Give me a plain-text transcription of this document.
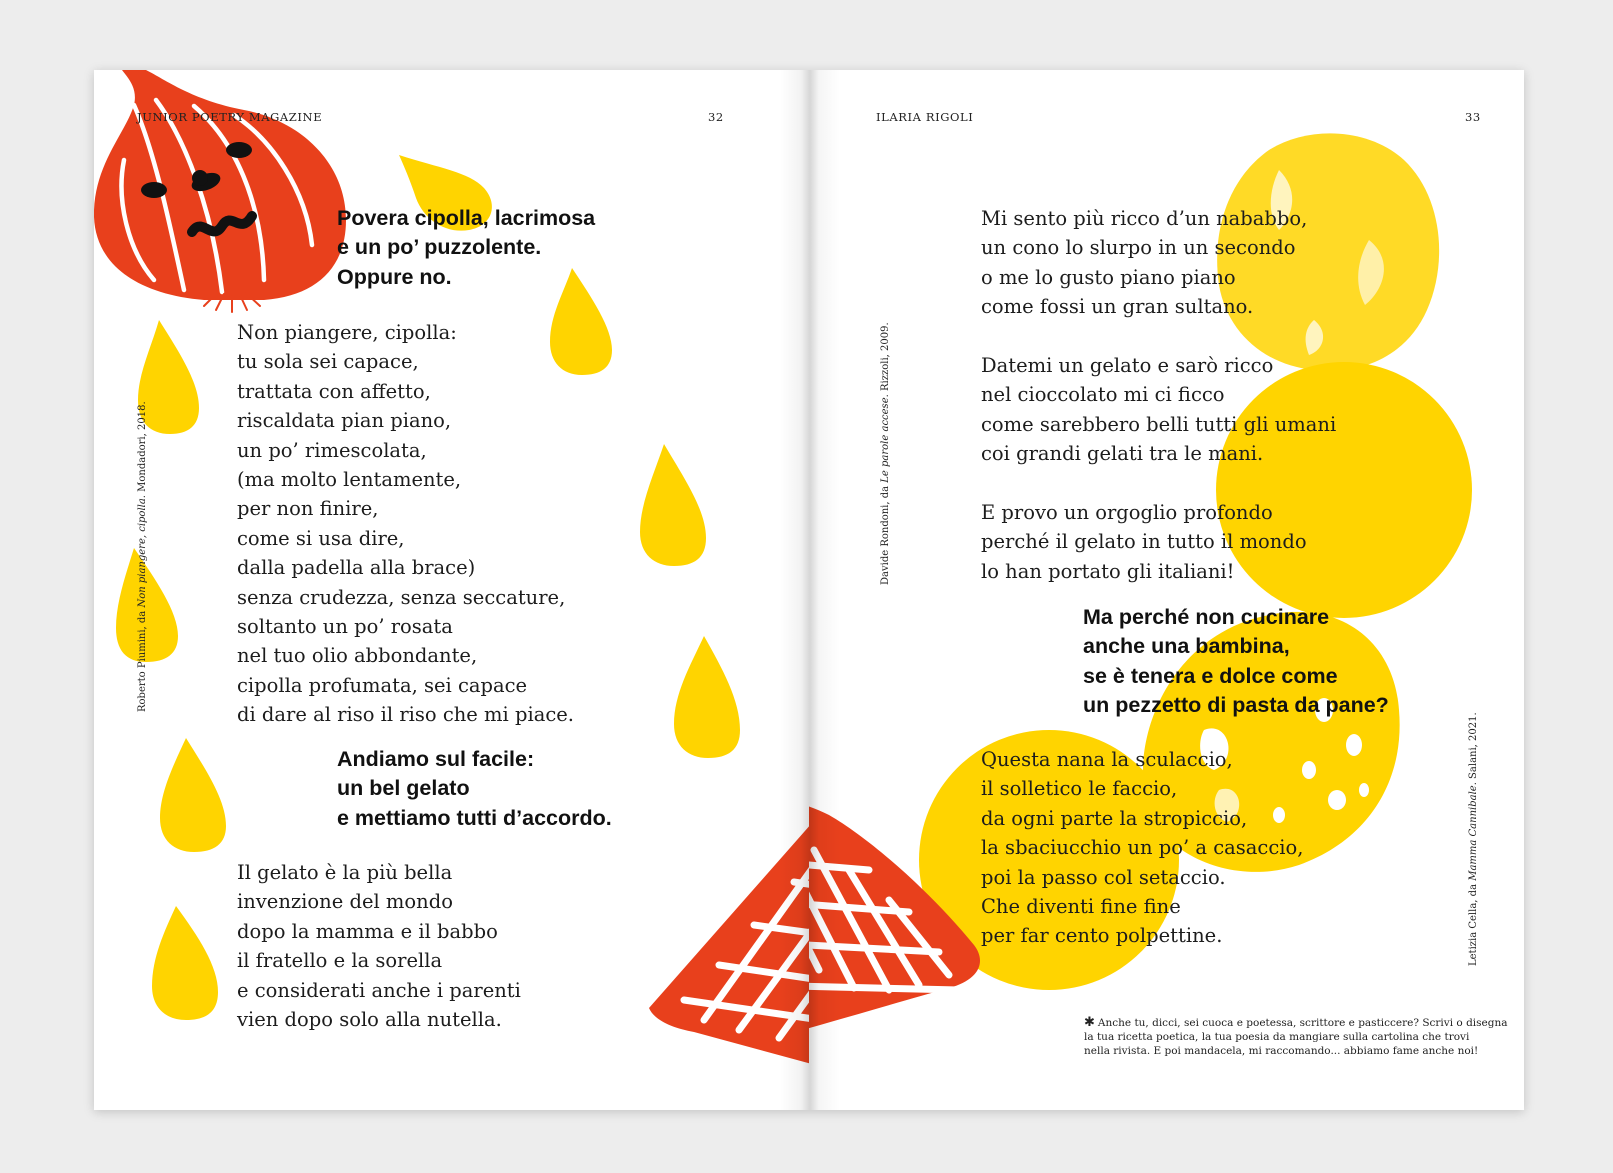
JUNIOR POETRY MAGAZINE	32
Povera cipolla, lacrimosa
e un po’ puzzolente.
Oppure no.
Non piangere, cipolla:
tu sola sei capace,
trattata con affetto,
riscaldata pian piano,
un po’ rimescolata,
(ma molto lentamente,
per non finire,
come si usa dire,
dalla padella alla brace)
senza crudezza, senza seccature,
soltanto un po’ rosata
nel tuo olio abbondante,
cipolla profumata, sei capace
di dare al riso il riso che mi piace.
Roberto Piumini, da Non piangere, cipolla. Mondadori, 2018.
Andiamo sul facile:
un bel gelato
e mettiamo tutti d’accordo.
Il gelato è la più bella
invenzione del mondo
dopo la mamma e il babbo
il fratello e la sorella
e considerati anche i parenti
vien dopo solo alla nutella.
ILARIA RIGOLI	33
Mi sento più ricco d’un nababbo,
un cono lo slurpo in un secondo
o me lo gusto piano piano
come fossi un gran sultano.
Datemi un gelato e sarò ricco
nel cioccolato mi ci ficco
come sarebbero belli tutti gli umani
coi grandi gelati tra le mani.
E provo un orgoglio profondo
perché il gelato in tutto il mondo
lo han portato gli italiani!
Davide Rondoni, da Le parole accese. Rizzoli, 2009.
Ma perché non cucinare
anche una bambina,
se è tenera e dolce come
un pezzetto di pasta da pane?
Questa nana la sculaccio,
il solletico le faccio,
da ogni parte la stropiccio,
la sbaciucchio un po’ a casaccio,
poi la passo col setaccio.
Che diventi fine fine
per far cento polpettine.	Letizia Cella, da Mamma Cannibale. Salani, 2021.
✱ Anche tu, dicci, sei cuoca e poetessa, scrittore e pasticcere? Scrivi o disegna
la tua ricetta poetica, la tua poesia da mangiare sulla cartolina che trovi
nella rivista. E poi mandacela, mi raccomando... abbiamo fame anche noi!
